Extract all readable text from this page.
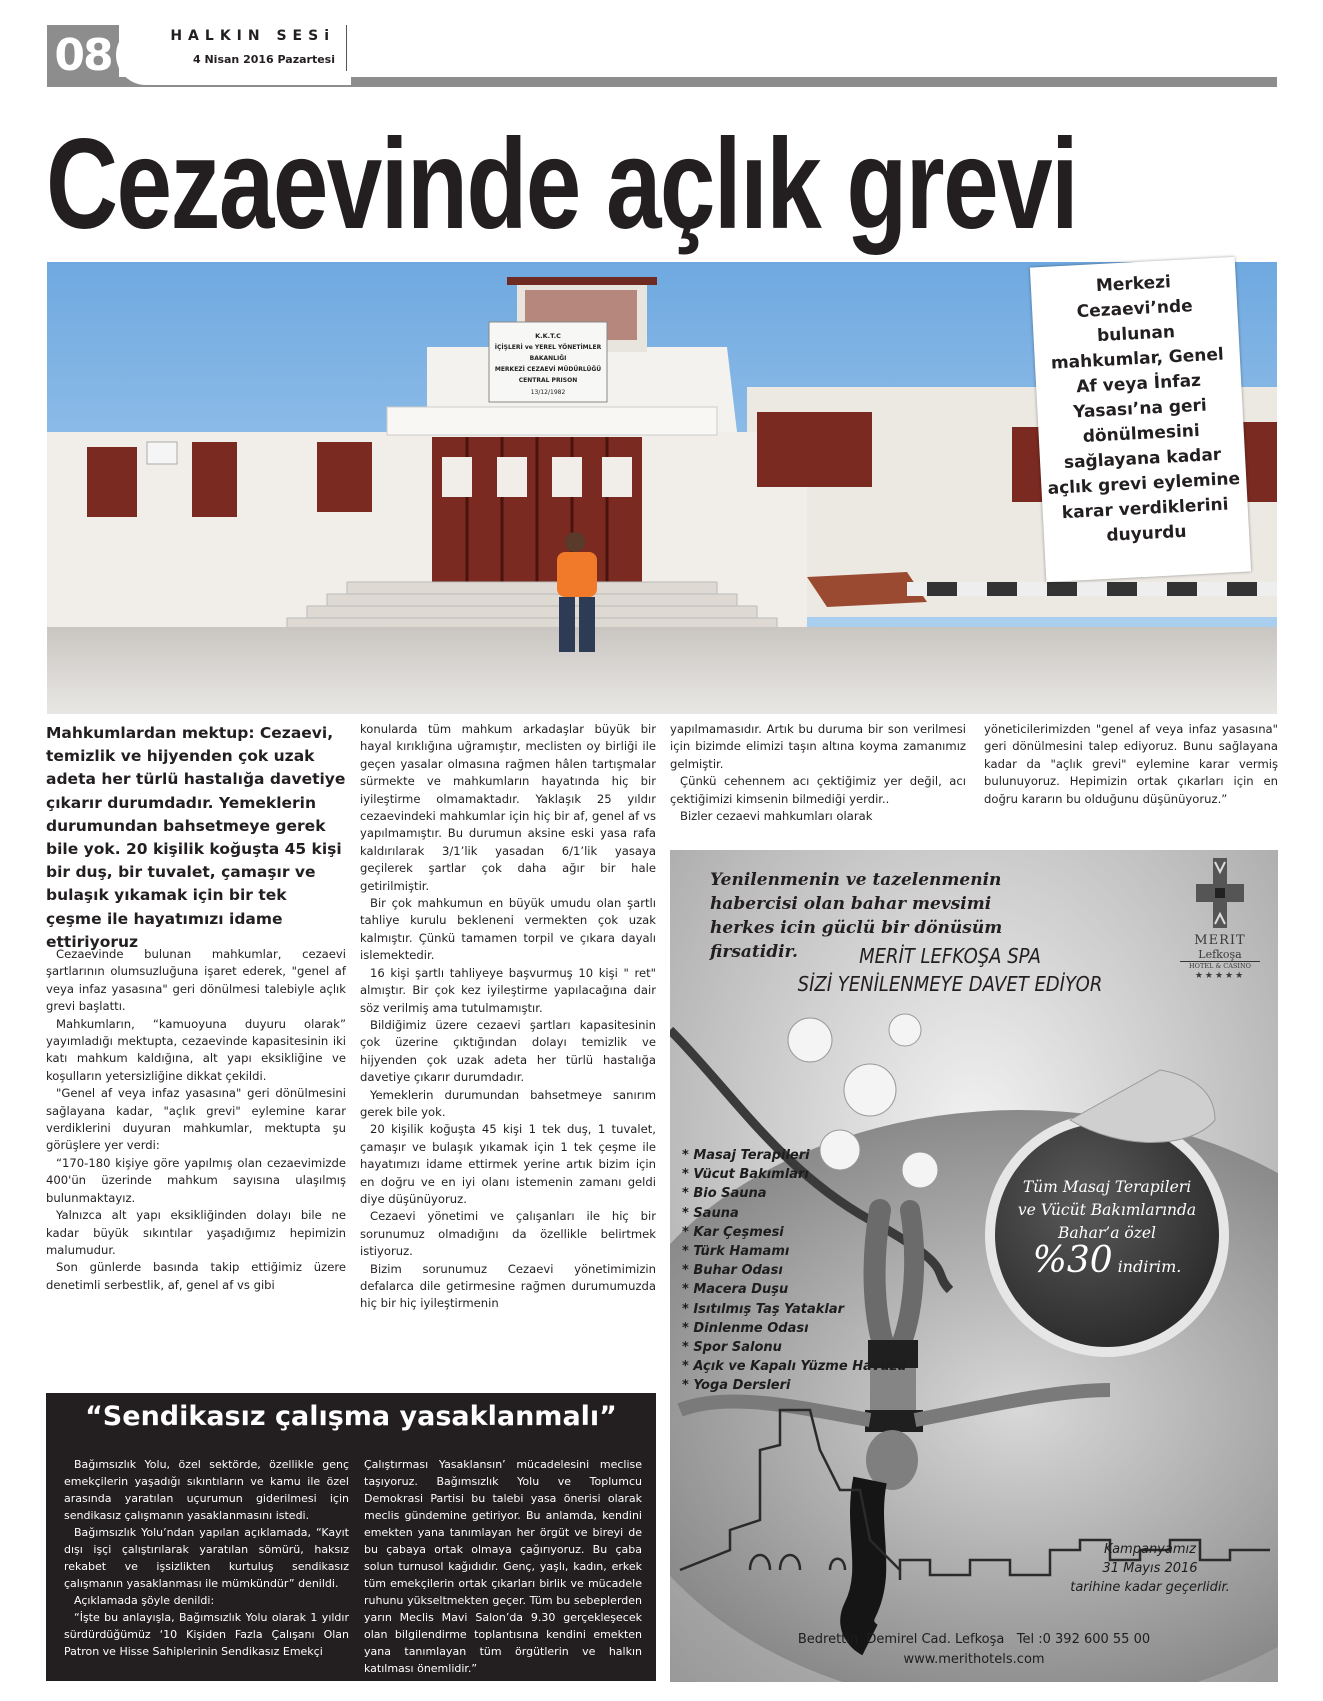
08	HALKIN SESi
4 Nisan 2016 Pazartesi
Cezaevinde açlık grevi
K.K.T.C
İÇİŞLERİ ve YEREL YÖNETİMLER
BAKANLIĞI
MERKEZİ CEZAEVİ MÜDÜRLÜĞÜ
CENTRAL PRISON
13/12/1982
Merkezi Cezaevi’nde bulunan mahkumlar, Genel Af veya İnfaz Yasası’na geri dönülmesini sağlayana kadar açlık grevi eylemine karar verdiklerini duyurdu
Mahkumlardan mektup: Cezaevi, temizlik ve hijyenden çok uzak adeta her türlü hastalığa davetiye çıkarır durumdadır. Yemeklerin durumundan bahsetmeye gerek bile yok. 20 kişilik koğuşta 45 kişi bir duş, bir tuvalet, çamaşır ve bulaşık yıkamak için bir tek çeşme ile hayatımızı idame ettiriyoruz

Cezaevinde bulunan mahkumlar, cezaevi şartlarının olumsuzluğuna işaret ederek, "genel af veya infaz yasasına" geri dönülmesi talebiyle açlık grevi başlattı.

Mahkumların, “kamuoyuna duyuru olarak” yayımladığı mektupta, cezaevinde kapasitesinin iki katı mahkum kaldığına, alt yapı eksikliğine ve koşulların yetersizliğine dikkat çekildi.

"Genel af veya infaz yasasına" geri dönülmesini sağlayana kadar, "açlık grevi" eylemine karar verdiklerini duyuran mahkumlar, mektupta şu görüşlere yer verdi:

“170-180 kişiye göre yapılmış olan cezaevimizde 400'ün üzerinde mahkum sayısına ulaşılmış bulunmaktayız.

Yalnızca alt yapı eksikliğinden dolayı bile ne kadar büyük sıkıntılar yaşadığımız hepimizin malumudur.

Son günlerde basında takip ettiğimiz üzere denetimli serbestlik, af, genel af vs gibi

konularda tüm mahkum arkadaşlar büyük bir hayal kırıklığına uğramıştır, meclisten oy birliği ile geçen yasalar olmasına rağmen hâlen tartışmalar sürmekte ve mahkumların hayatında hiç bir iyileştirme olmamaktadır. Yaklaşık 25 yıldır cezaevindeki mahkumlar için hiç bir af, genel af vs yapılmamıştır. Bu durumun aksine eski yasa rafa kaldırılarak 3/1’lik yasadan 6/1’lik yasaya geçilerek şartlar çok daha ağır bir hale getirilmiştir.

Bir çok mahkumun en büyük umudu olan şartlı tahliye kurulu bekleneni vermekten çok uzak kalmıştır. Çünkü tamamen torpil ve çıkara dayalı islemektedir.

16 kişi şartlı tahliyeye başvurmuş 10 kişi " ret" almıştır. Bir çok kez iyileştirme yapılacağına dair söz verilmiş ama tutulmamıştır.

Bildiğimiz üzere cezaevi şartları kapasitesinin çok üzerine çıktığından dolayı temizlik ve hijyenden çok uzak adeta her türlü hastalığa davetiye çıkarır durumdadır.

Yemeklerin durumundan bahsetmeye sanırım gerek bile yok.

20 kişilik koğuşta 45 kişi 1 tek duş, 1 tuvalet, çamaşır ve bulaşık yıkamak için 1 tek çeşme ile hayatımızı idame ettirmek yerine artık bizim için en doğru ve en iyi olanı istemenin zamanı geldi diye düşünüyoruz.

Cezaevi yönetimi ve çalışanları ile hiç bir sorunumuz olmadığını da özellikle belirtmek istiyoruz.

Bizim sorunumuz Cezaevi yönetimimizin defalarca dile getirmesine rağmen durumumuzda hiç bir hiç iyileştirmenin

yapılmamasıdır. Artık bu duruma bir son verilmesi için bizimde elimizi taşın altına koyma zamanımız gelmiştir.

Çünkü cehennem acı çektiğimiz yer değil, acı çektiğimizi kimsenin bilmediği yerdir..

Bizler cezaevi mahkumları olarak

yöneticilerimizden "genel af veya infaz yasasına" geri dönülmesini talep ediyoruz. Bunu sağlayana kadar da "açlık grevi" eylemine karar vermiş bulunuyoruz. Hepimizin ortak çıkarları için en doğru kararın bu olduğunu düşünüyoruz.”

Yenilenmenin ve tazelenmenin
habercisi olan bahar mevsimi
herkes icin güclü bir dönüsüm firsatidir.	MERİT LEFKOŞA SPA
SİZİ YENİLENMEYE DAVET EDİYOR
MERIT
Lefkoşa
HOTEL & CASINO
★★★★★
* Masaj Terapileri
* Vücut Bakımları
* Bio Sauna
* Sauna
* Kar Çeşmesi
* Türk Hamamı
* Buhar Odası
* Macera Duşu
* Isıtılmış Taş Yataklar
* Dinlenme Odası
* Spor Salonu
* Açık ve Kapalı Yüzme Havuzu
* Yoga Dersleri
Tüm Masaj Terapileri
ve Vücüt Bakımlarında
Bahar’a özel
%30 indirim.
Kampanyamız
31 Mayıs 2016
tarihine kadar geçerlidir.
Bedrettin  Demirel Cad. Lefkoşa   Tel :0 392 600 55 00
www.merithotels.com
“Sendikasız çalışma yasaklanmalı”

Bağımsızlık Yolu, özel sektörde, özellikle genç emekçilerin yaşadığı sıkıntıların ve kamu ile özel arasında yaratılan uçurumun giderilmesi için sendikasız çalışmanın yasaklanmasını istedi.

Bağımsızlık Yolu’ndan yapılan açıklamada, “Kayıt dışı işçi çalıştırılarak yaratılan sömürü, haksız rekabet ve işsizlikten kurtuluş sendikasız çalışmanın yasaklanması ile mümkündür” denildi.

Açıklamada şöyle denildi:

“İşte bu anlayışla, Bağımsızlık Yolu olarak 1 yıldır sürdürdüğümüz ‘10 Kişiden Fazla Çalışanı Olan Patron ve Hisse Sahiplerinin Sendikasız Emekçi

Çalıştırması Yasaklansın’ mücadelesini meclise taşıyoruz. Bağımsızlık Yolu ve Toplumcu Demokrasi Partisi bu talebi yasa önerisi olarak meclis gündemine getiriyor. Bu anlamda, kendini emekten yana tanımlayan her örgüt ve bireyi de bu çabaya ortak olmaya çağırıyoruz. Bu çaba solun turnusol kağıdıdır. Genç, yaşlı, kadın, erkek tüm emekçilerin ortak çıkarları birlik ve mücadele ruhunu yükseltmekten geçer. Tüm bu sebeplerden yarın Meclis Mavi Salon’da 9.30 gerçekleşecek olan bilgilendirme toplantısına kendini emekten yana tanımlayan tüm örgütlerin ve halkın katılması önemlidir.”
